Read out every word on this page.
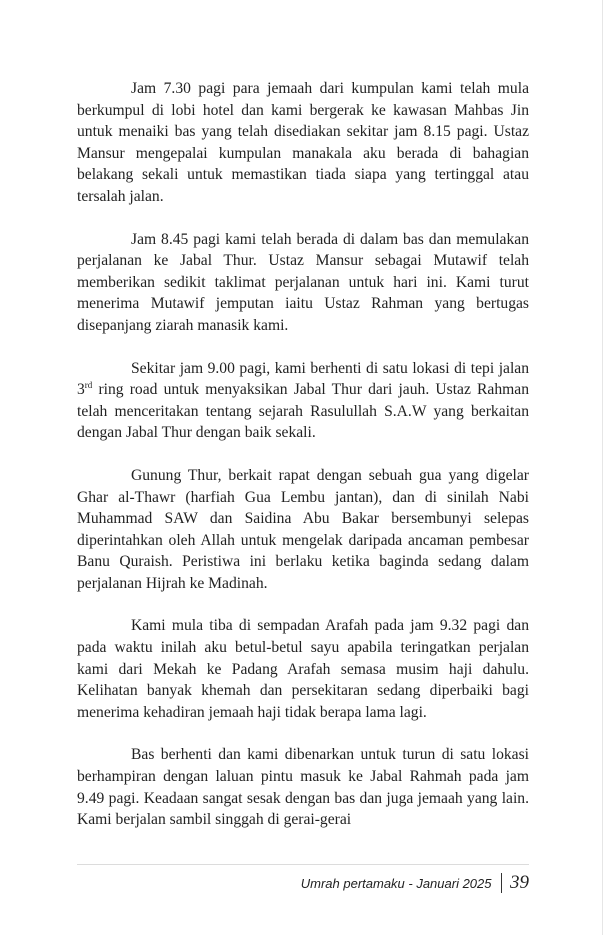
Jam 7.30 pagi para jemaah dari kumpulan kami telah mula berkumpul di lobi hotel dan kami bergerak ke kawasan Mahbas Jin untuk menaiki bas yang telah disediakan sekitar jam 8.15 pagi. Ustaz Mansur mengepalai kumpulan manakala aku berada di bahagian belakang sekali untuk memastikan tiada siapa yang tertinggal atau tersalah jalan.

Jam 8.45 pagi kami telah berada di dalam bas dan memulakan perjalanan ke Jabal Thur. Ustaz Mansur sebagai Mutawif telah memberikan sedikit taklimat perjalanan untuk hari ini. Kami turut menerima Mutawif jemputan iaitu Ustaz Rahman yang bertugas disepanjang ziarah manasik kami.

Sekitar jam 9.00 pagi, kami berhenti di satu lokasi di tepi jalan 3rd ring road untuk menyaksikan Jabal Thur dari jauh. Ustaz Rahman telah menceritakan tentang sejarah Rasulullah S.A.W yang berkaitan dengan Jabal Thur dengan baik sekali.

Gunung Thur, berkait rapat dengan sebuah gua yang digelar Ghar al-Thawr (harfiah Gua Lembu jantan), dan di sinilah Nabi Muhammad SAW dan Saidina Abu Bakar bersembunyi selepas diperintahkan oleh Allah untuk mengelak daripada ancaman pembesar Banu Quraish. Peristiwa ini berlaku ketika baginda sedang dalam perjalanan Hijrah ke Madinah.

Kami mula tiba di sempadan Arafah pada jam 9.32 pagi dan pada waktu inilah aku betul-betul sayu apabila teringatkan perjalan kami dari Mekah ke Padang Arafah semasa musim haji dahulu. Kelihatan banyak khemah dan persekitaran sedang diperbaiki bagi menerima kehadiran jemaah haji tidak berapa lama lagi.

Bas berhenti dan kami dibenarkan untuk turun di satu lokasi berhampiran dengan laluan pintu masuk ke Jabal Rahmah pada jam 9.49 pagi. Keadaan sangat sesak dengan bas dan juga jemaah yang lain. Kami berjalan sambil singgah di gerai-gerai

Umrah pertamaku - Januari 2025 39
